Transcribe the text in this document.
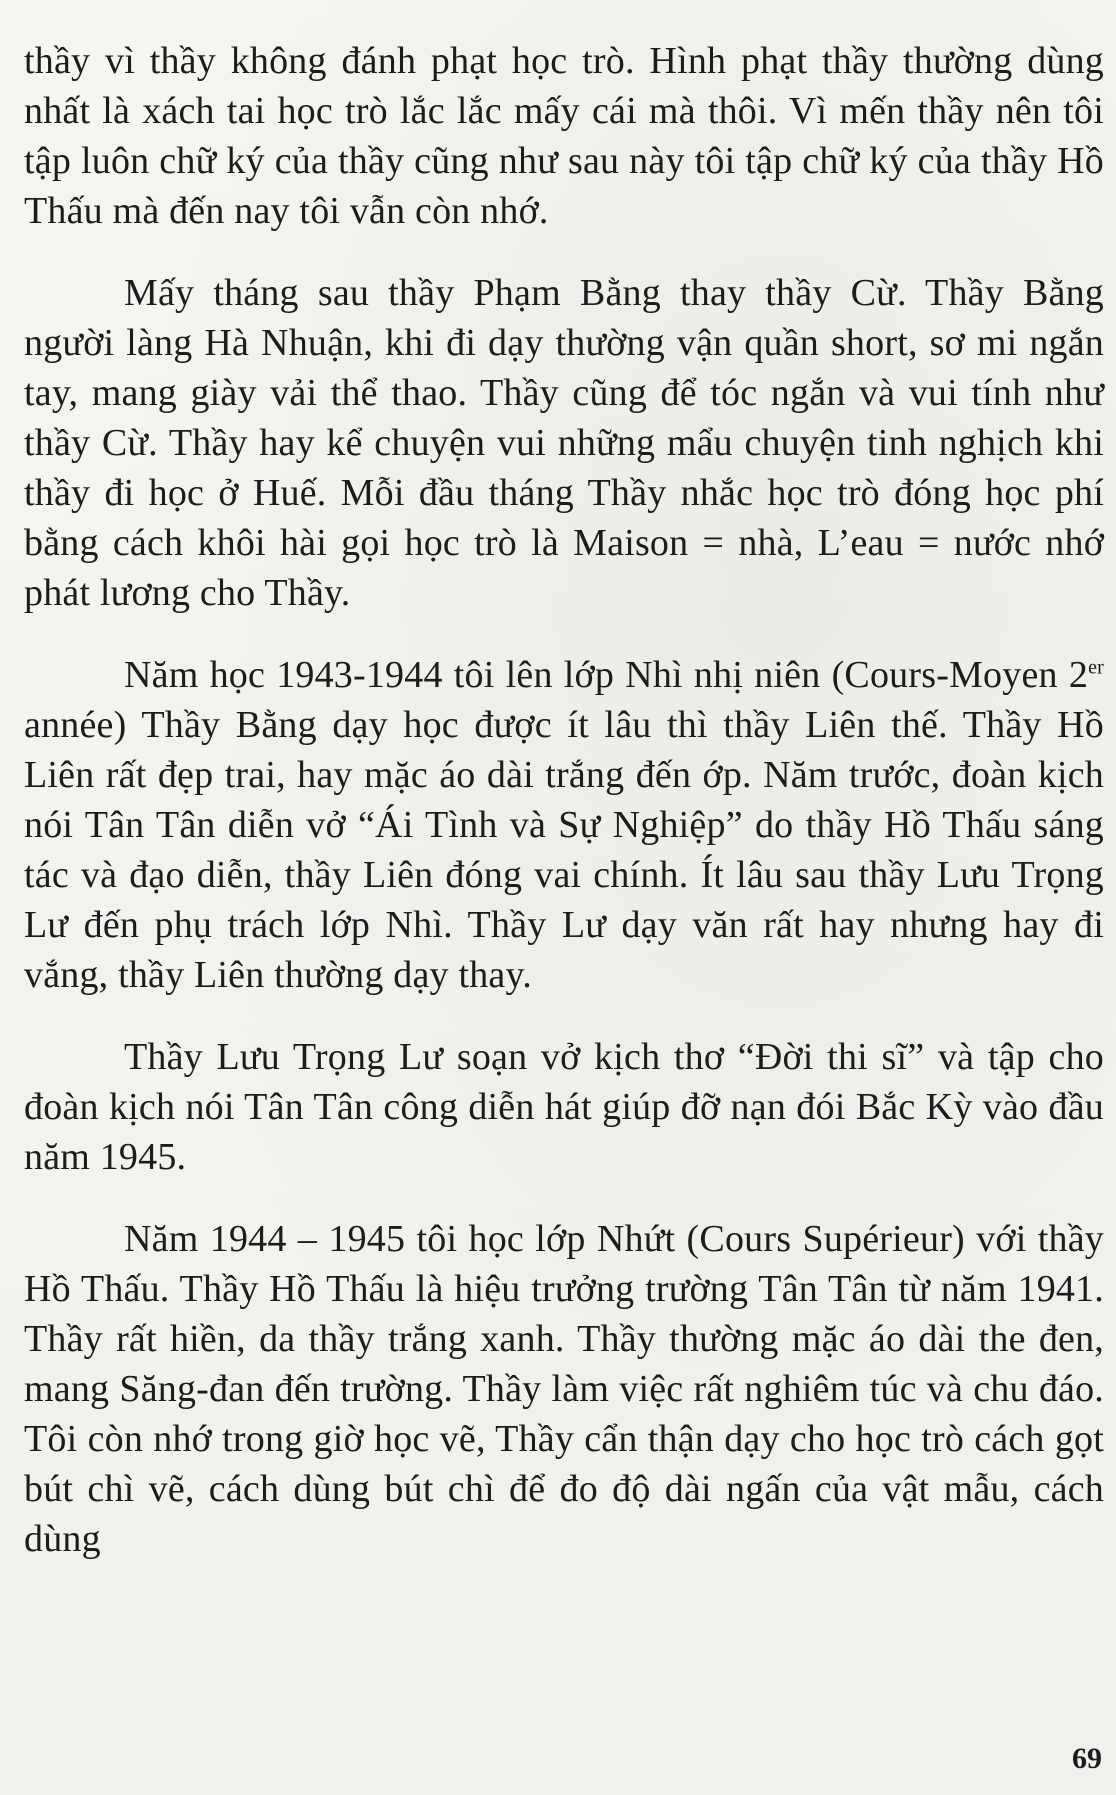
thầy vì thầy không đánh phạt học trò. Hình phạt thầy thường dùng nhất là xách tai học trò lắc lắc mấy cái mà thôi. Vì mến thầy nên tôi tập luôn chữ ký của thầy cũng như sau này tôi tập chữ ký của thầy Hồ Thấu mà đến nay tôi vẫn còn nhớ.

Mấy tháng sau thầy Phạm Bằng thay thầy Cừ. Thầy Bằng người làng Hà Nhuận, khi đi dạy thường vận quần short, sơ mi ngắn tay, mang giày vải thể thao. Thầy cũng để tóc ngắn và vui tính như thầy Cừ. Thầy hay kể chuyện vui những mẩu chuyện tinh nghịch khi thầy đi học ở Huế. Mỗi đầu tháng Thầy nhắc học trò đóng học phí bằng cách khôi hài gọi học trò là Maison = nhà, L’eau = nước nhớ phát lương cho Thầy.

Năm học 1943-1944 tôi lên lớp Nhì nhị niên (Cours-Moyen 2er année) Thầy Bằng dạy học được ít lâu thì thầy Liên thế. Thầy Hồ Liên rất đẹp trai, hay mặc áo dài trắng đến ớp. Năm trước, đoàn kịch nói Tân Tân diễn vở “Ái Tình và Sự Nghiệp” do thầy Hồ Thấu sáng tác và đạo diễn, thầy Liên đóng vai chính. Ít lâu sau thầy Lưu Trọng Lư đến phụ trách lớp Nhì. Thầy Lư dạy văn rất hay nhưng hay đi vắng, thầy Liên thường dạy thay.

Thầy Lưu Trọng Lư soạn vở kịch thơ “Đời thi sĩ” và tập cho đoàn kịch nói Tân Tân công diễn hát giúp đỡ nạn đói Bắc Kỳ vào đầu năm 1945.

Năm 1944 – 1945 tôi học lớp Nhứt (Cours Supérieur) với thầy Hồ Thấu. Thầy Hồ Thấu là hiệu trưởng trường Tân Tân từ năm 1941. Thầy rất hiền, da thầy trắng xanh. Thầy thường mặc áo dài the đen, mang Săng-đan đến trường. Thầy làm việc rất nghiêm túc và chu đáo. Tôi còn nhớ trong giờ học vẽ, Thầy cẩn thận dạy cho học trò cách gọt bút chì vẽ, cách dùng bút chì để đo độ dài ngấn của vật mẫu, cách dùng

69
